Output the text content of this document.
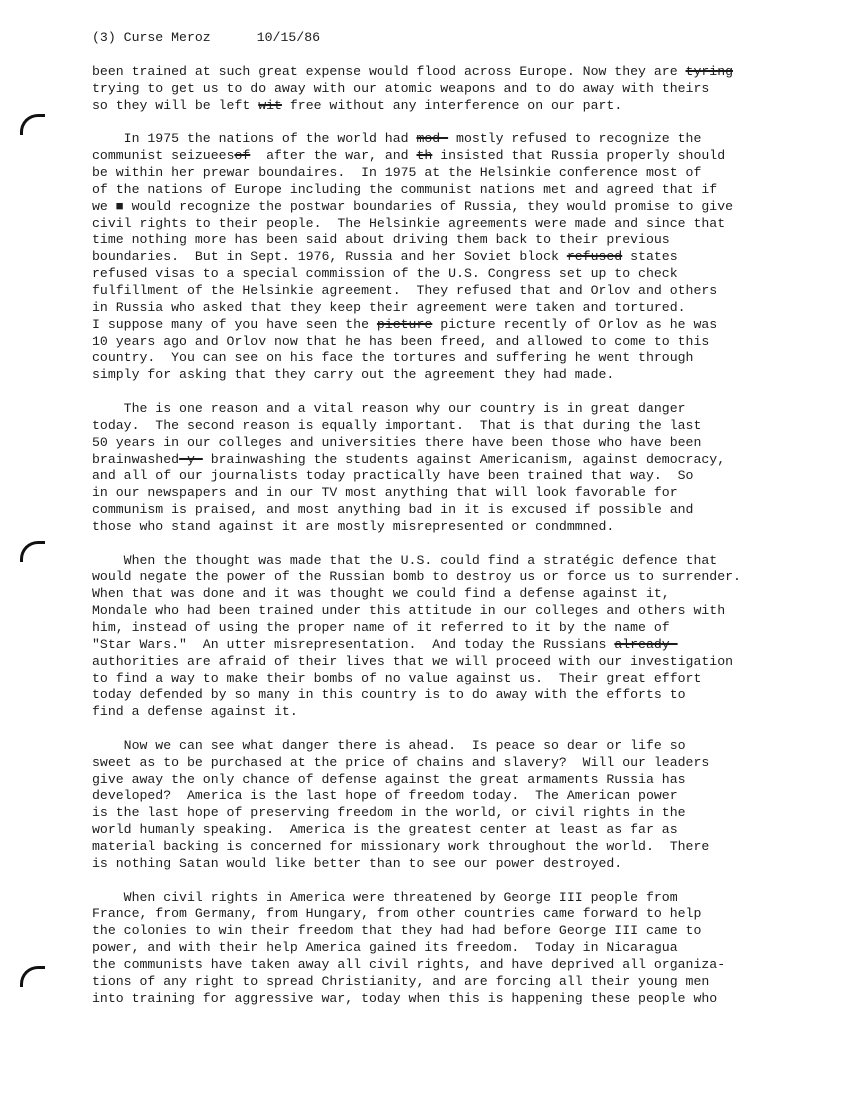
(3) Curse Meroz	10/15/86
been trained at such great expense would flood across Europe. Now they are tyring
trying to get us to do away with our atomic weapons and to do away with theirs
so they will be left wit free without any interference on our part.
In 1975 the nations of the world had mod- mostly refused to recognize the
communist seizueesof  after the war, and th insisted that Russia properly should
be within her prewar boundaires.  In 1975 at the Helsinkie conference most of
of the nations of Europe including the communist nations met and agreed that if
we ■ would recognize the postwar boundaries of Russia, they would promise to give
civil rights to their people.  The Helsinkie agreements were made and since that
time nothing more has been said about driving them back to their previous
boundaries.  But in Sept. 1976, Russia and her Soviet block refused states
refused visas to a special commission of the U.S. Congress set up to check
fulfillment of the Helsinkie agreement.  They refused that and Orlov and others
in Russia who asked that they keep their agreement were taken and tortured.
I suppose many of you have seen the picture picture recently of Orlov as he was
10 years ago and Orlov now that he has been freed, and allowed to come to this
country.  You can see on his face the tortures and suffering he went through
simply for asking that they carry out the agreement they had made.
The is one reason and a vital reason why our country is in great danger
today.  The second reason is equally important.  That is that during the last
50 years in our colleges and universities there have been those who have been
brainwashed-y- brainwashing the students against Americanism, against democracy,
and all of our journalists today practically have been trained that way.  So
in our newspapers and in our TV most anything that will look favorable for
communism is praised, and most anything bad in it is excused if possible and
those who stand against it are mostly misrepresented or condmmned.
When the thought was made that the U.S. could find a stratégic defence that
would negate the power of the Russian bomb to destroy us or force us to surrender.
When that was done and it was thought we could find a defense against it,
Mondale who had been trained under this attitude in our colleges and others with
him, instead of using the proper name of it referred to it by the name of
"Star Wars."  An utter misrepresentation.  And today the Russians already-
authorities are afraid of their lives that we will proceed with our investigation
to find a way to make their bombs of no value against us.  Their great effort
today defended by so many in this country is to do away with the efforts to
find a defense against it.
Now we can see what danger there is ahead.  Is peace so dear or life so
sweet as to be purchased at the price of chains and slavery?  Will our leaders
give away the only chance of defense against the great armaments Russia has
developed?  America is the last hope of freedom today.  The American power
is the last hope of preserving freedom in the world, or civil rights in the
world humanly speaking.  America is the greatest center at least as far as
material backing is concerned for missionary work throughout the world.  There
is nothing Satan would like better than to see our power destroyed.
When civil rights in America were threatened by George III people from
France, from Germany, from Hungary, from other countries came forward to help
the colonies to win their freedom that they had had before George III came to
power, and with their help America gained its freedom.  Today in Nicaragua
the communists have taken away all civil rights, and have deprived all organiza-
tions of any right to spread Christianity, and are forcing all their young men
into training for aggressive war, today when this is happening these people who
